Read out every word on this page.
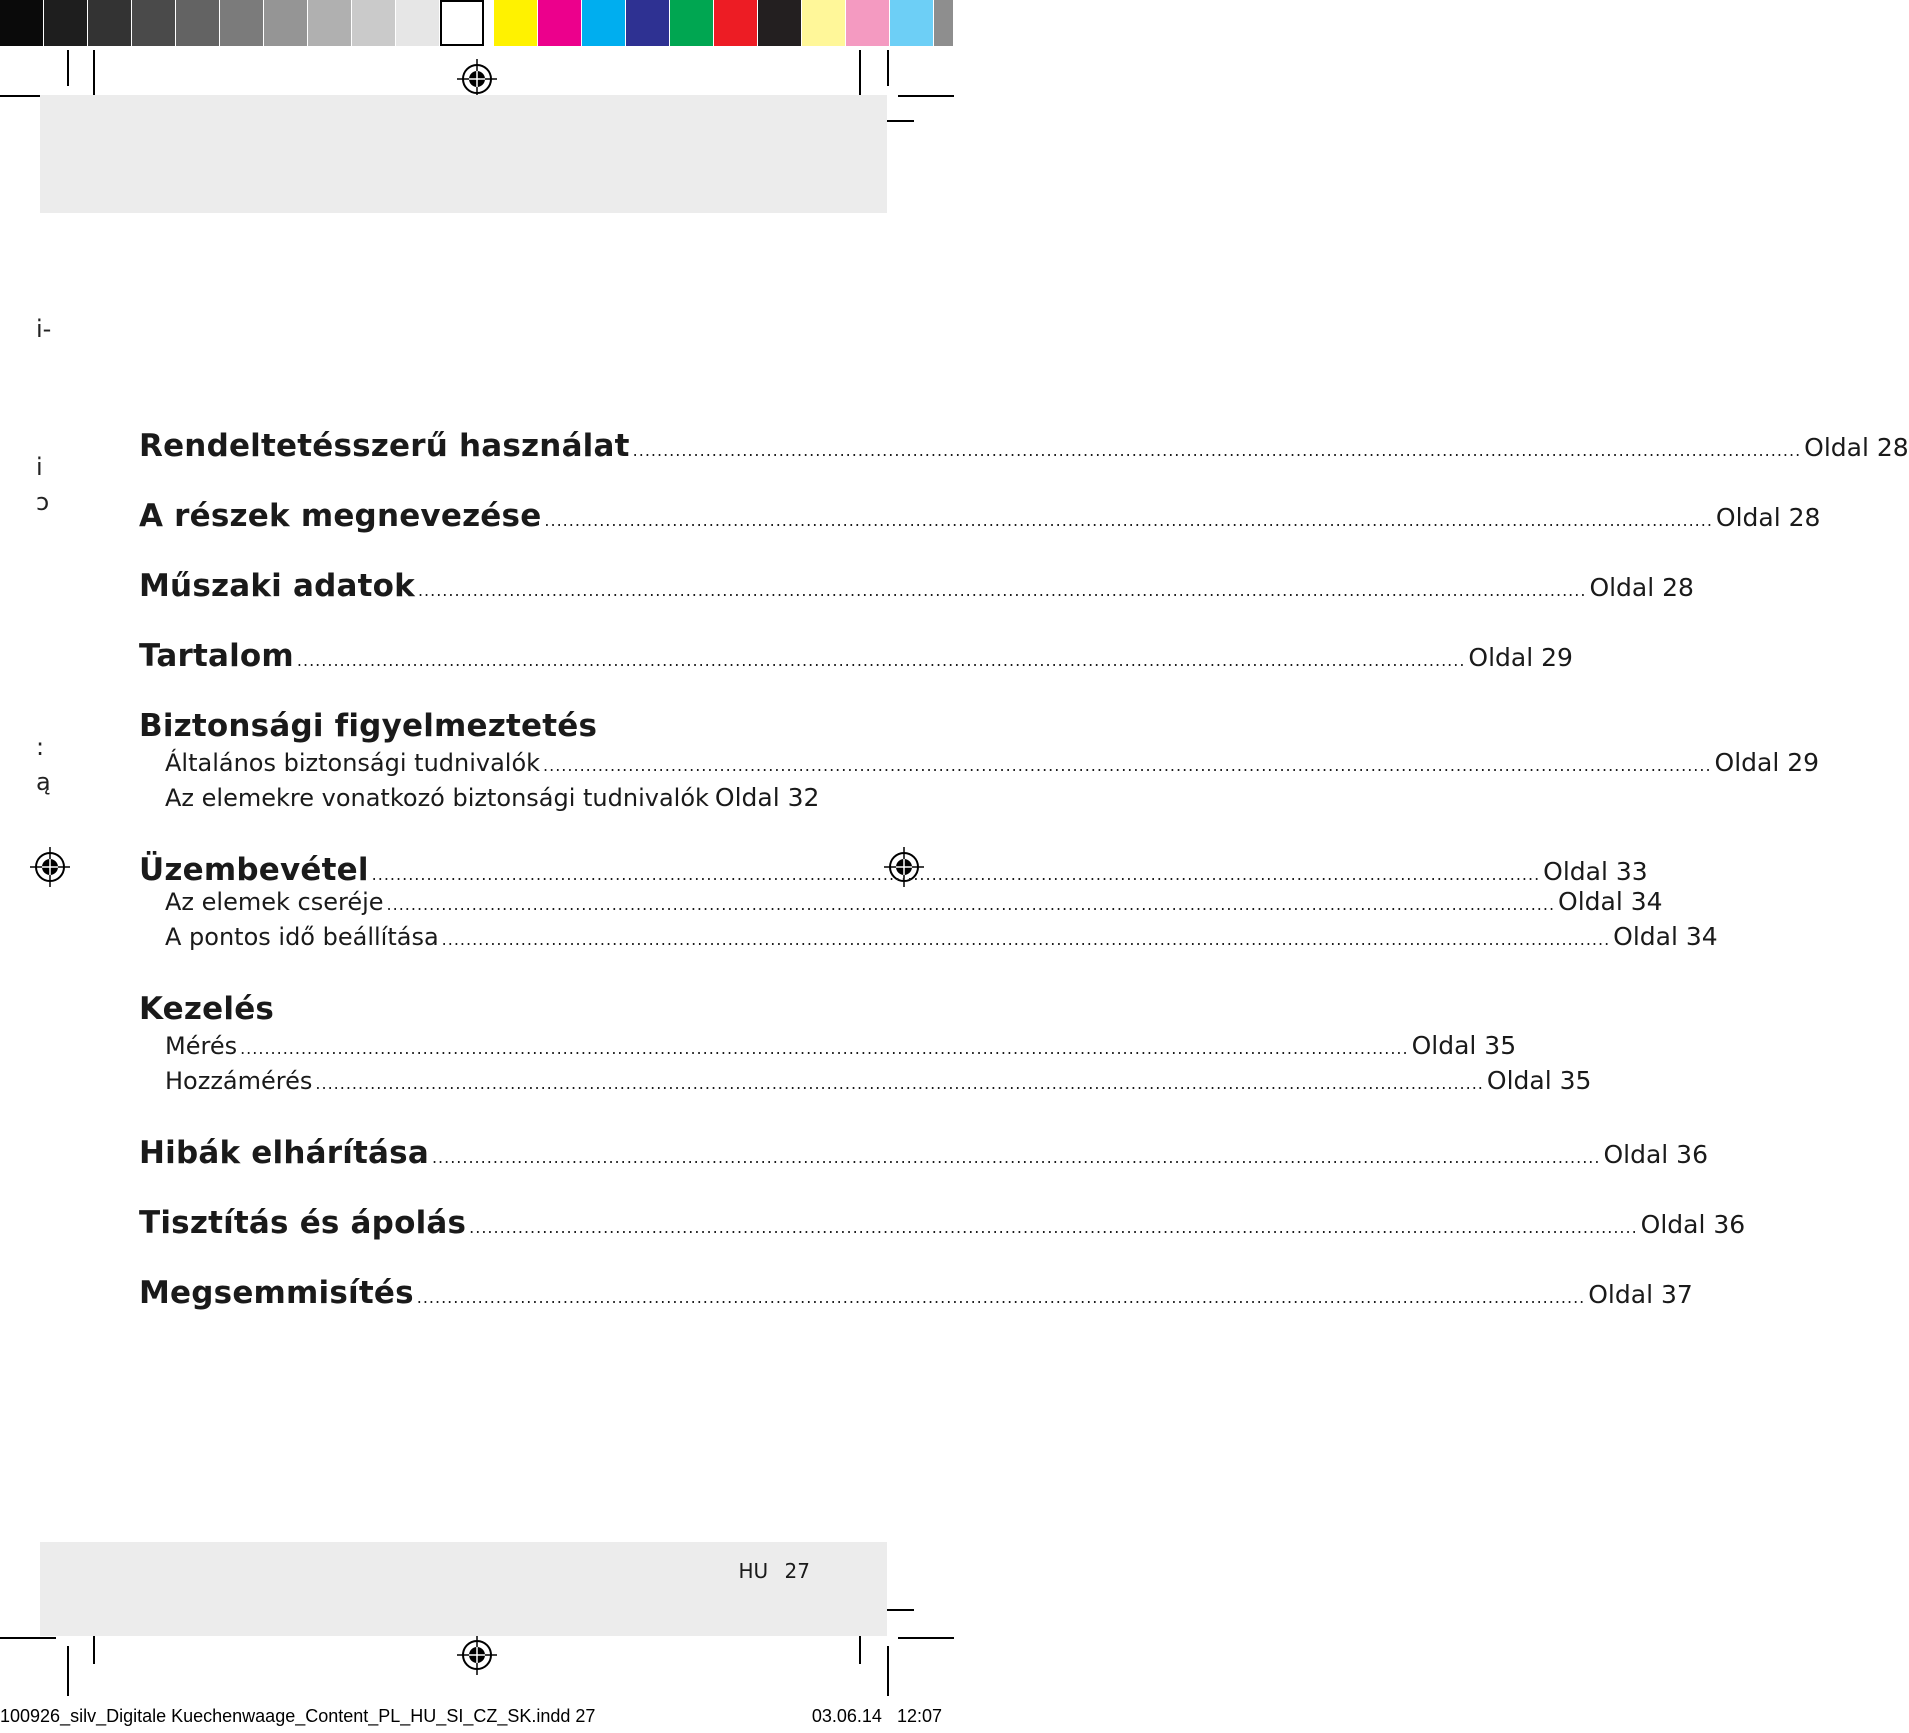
i-
i
ɔ
:
ą
Rendeltetésszerű használat .....	Oldal 28
A részek megnevezése .....	Oldal 28
Műszaki adatok .....	Oldal 28
Tartalom .....	Oldal 29
Biztonsági figyelmeztetés
Általános biztonsági tudnivalók .....	Oldal 29
Az elemekre vonatkozó biztonsági tudnivalók Oldal 32
Üzembevétel .....	Oldal 33
Az elemek cseréje .....	Oldal 34
A pontos idő beállítása .....	Oldal 34
Kezelés
Mérés .....	Oldal 35
Hozzámérés .....	Oldal 35
Hibák elhárítása .....	Oldal 36
Tisztítás és ápolás .....	Oldal 36
Megsemmisítés .....	Oldal 37
HU 27
100926_silv_Digitale Kuechenwaage_Content_PL_HU_SI_CZ_SK.indd 27	03.06.14 12:07
